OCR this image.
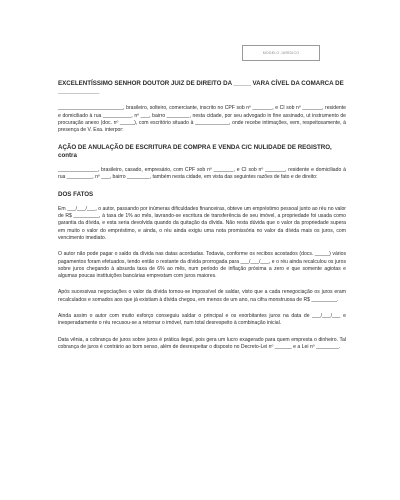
MODELO JURÍDICO
EXCELENTÍSSIMO SENHOR DOUTOR JUIZ DE DIREITO DA _____ VARA CÍVEL DA COMARCA DE ____________
_______________________, brasileiro, solteiro, comerciante, inscrito no CPF sob nº _______, e CI sob nº _______, residente e domiciliado à rua __________, nº ___, bairro ________, nesta cidade, por seu advogado in fine assinado, ut instrumento de procuração anexo (doc. nº _____), com escritório situado à ____________, onde recebe intimações, vem, respeitosamente, à presença de V. Exa. interpor:
AÇÃO DE ANULAÇÃO DE ESCRITURA DE COMPRA E VENDA C/C NULIDADE DE REGISTRO, contra
______________, brasileiro, casado, empresário, com CPF sob nº _______, e CI sob nº _______, residente e domiciliado à rua _________, nº ___, bairro ________, também nesta cidade, em vista das seguintes razões de fato e de direito:
DOS FATOS
Em ___/___/___, o autor, passando por inúmeras dificuldades financeiras, obteve um empréstimo pessoal junto ao réu no valor de R$ _________, à taxa de 1% ao mês, lavrando-se escritura de transferência de seu imóvel, a propriedade foi usada como garantia da dívida, e esta seria devolvida quando da quitação da dívida. Não resta dúvida que o valor da propriedade supera em muito o valor do empréstimo, e ainda, o réu ainda exigiu uma nota promissória no valor da dívida mais os juros, com vencimento imediato.
O autor não pode pagar o saldo da dívida nas datas acordadas. Todavia, conforme os recibos acostados (docs. _____) vários pagamentos foram efetuados, tendo então o restante da dívida prorrogada para ___/___/___, e o réu ainda recalculou os juros sobre juros chegando à absurda taxa de 6% ao mês, num período de inflação próxima a zero e que somente agiotas e algumas poucas instituições bancárias emprestam com juros maiores.
Após sucessivas negociações o valor da dívida tornou-se impossível de saldar, visto que a cada renegociação os juros eram recalculados e somados aos que já existiam à dívida chegou, em menos de um ano, na cifra monstruosa de R$ _________.
Ainda assim o autor com muito esforço conseguiu saldar o principal e os exorbitantes juros na data de ___/___/___ e inesperadamente o réu recusou-se a retornar o imóvel, num total desrespeito à combinação inicial.
Data vênia, a cobrança de juros sobre juros é prática ilegal, pois gera um lucro exagerado para quem empresta o dinheiro. Tal cobrança de juros é contrário ao bom senso, além de desrespeitar o disposto no Decreto-Lei nº ______ e a Lei nº ________.
